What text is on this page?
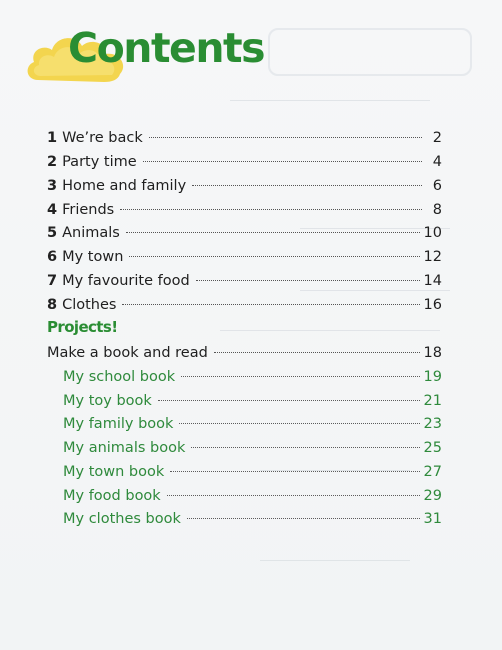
Contents
1 We’re back	2
2 Party time	4
3 Home and family	6
4 Friends	8
5 Animals	10
6 My town	12
7 My favourite food	14
8 Clothes	16
Projects!
Make a book and read	18
My school book	19
My toy book	21
My family book	23
My animals book	25
My town book	27
My food book	29
My clothes book	31
